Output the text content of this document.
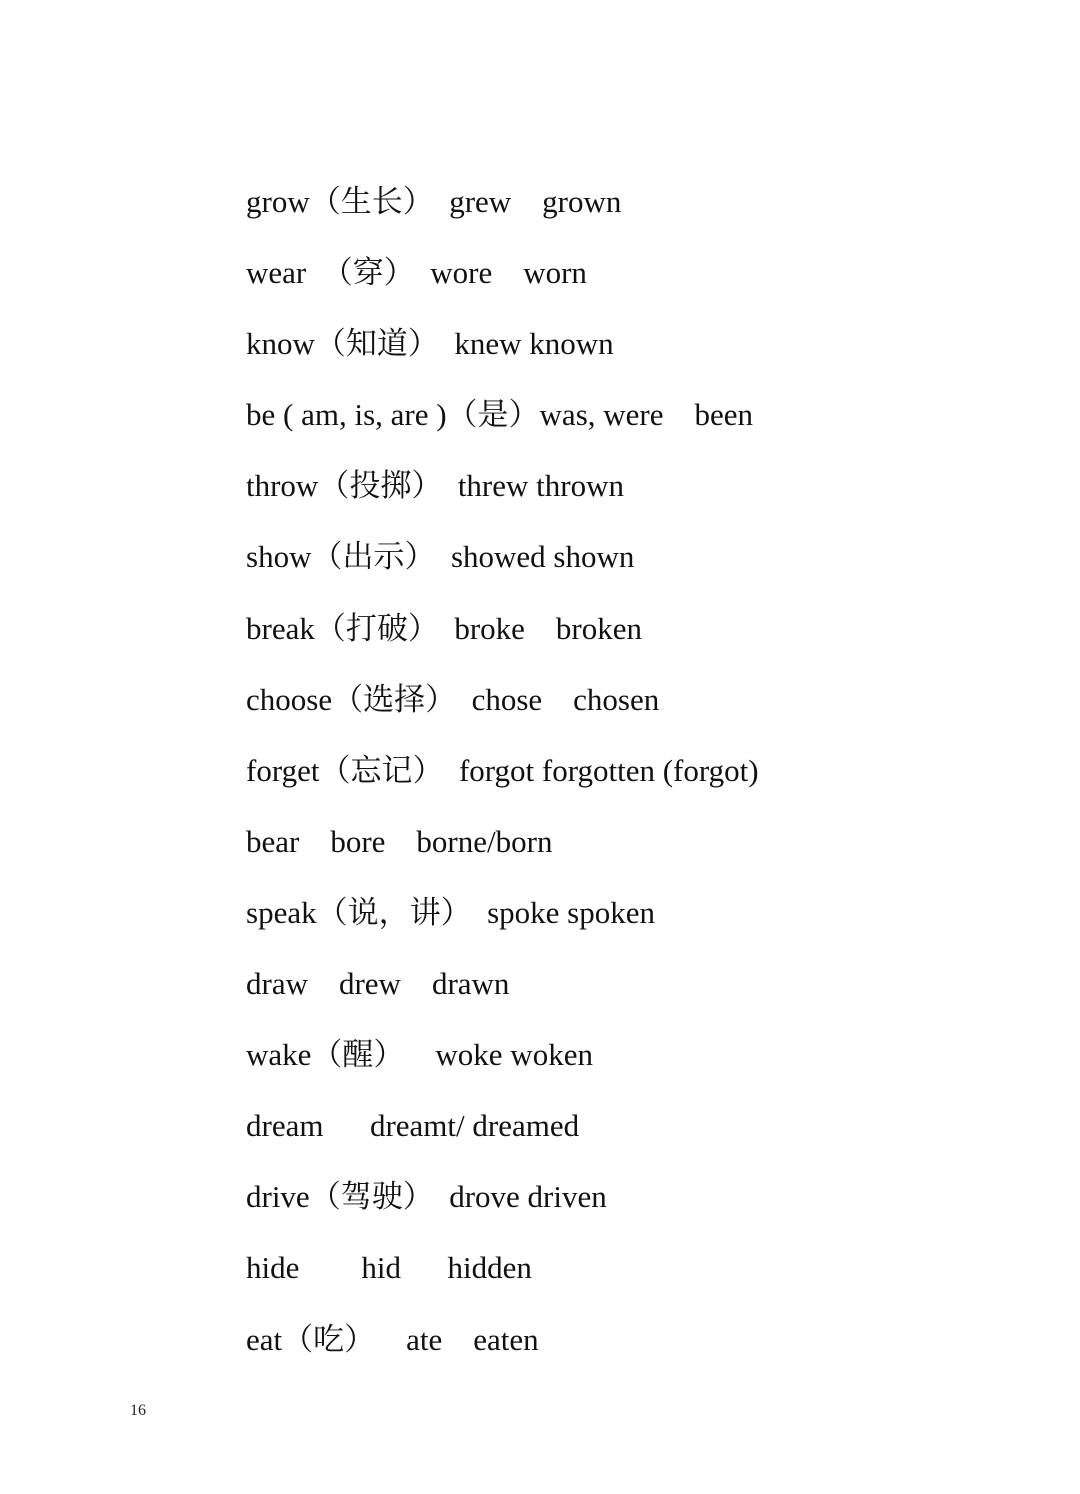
grow（生长）  grew    grown
wear  （穿）  wore    worn
know（知道）  knew known
be ( am, is, are )（是）was, were    been
throw（投掷）  threw thrown
show（出示）  showed shown
break（打破）  broke    broken
choose（选择）  chose    chosen
forget（忘记）  forgot forgotten (forgot)
bear    bore    borne/born
speak（说，讲）  spoke spoken
draw    drew    drawn
wake（醒）    woke woken
dream      dreamt/ dreamed
drive（驾驶）  drove driven
hide        hid      hidden
eat（吃）    ate    eaten
16
